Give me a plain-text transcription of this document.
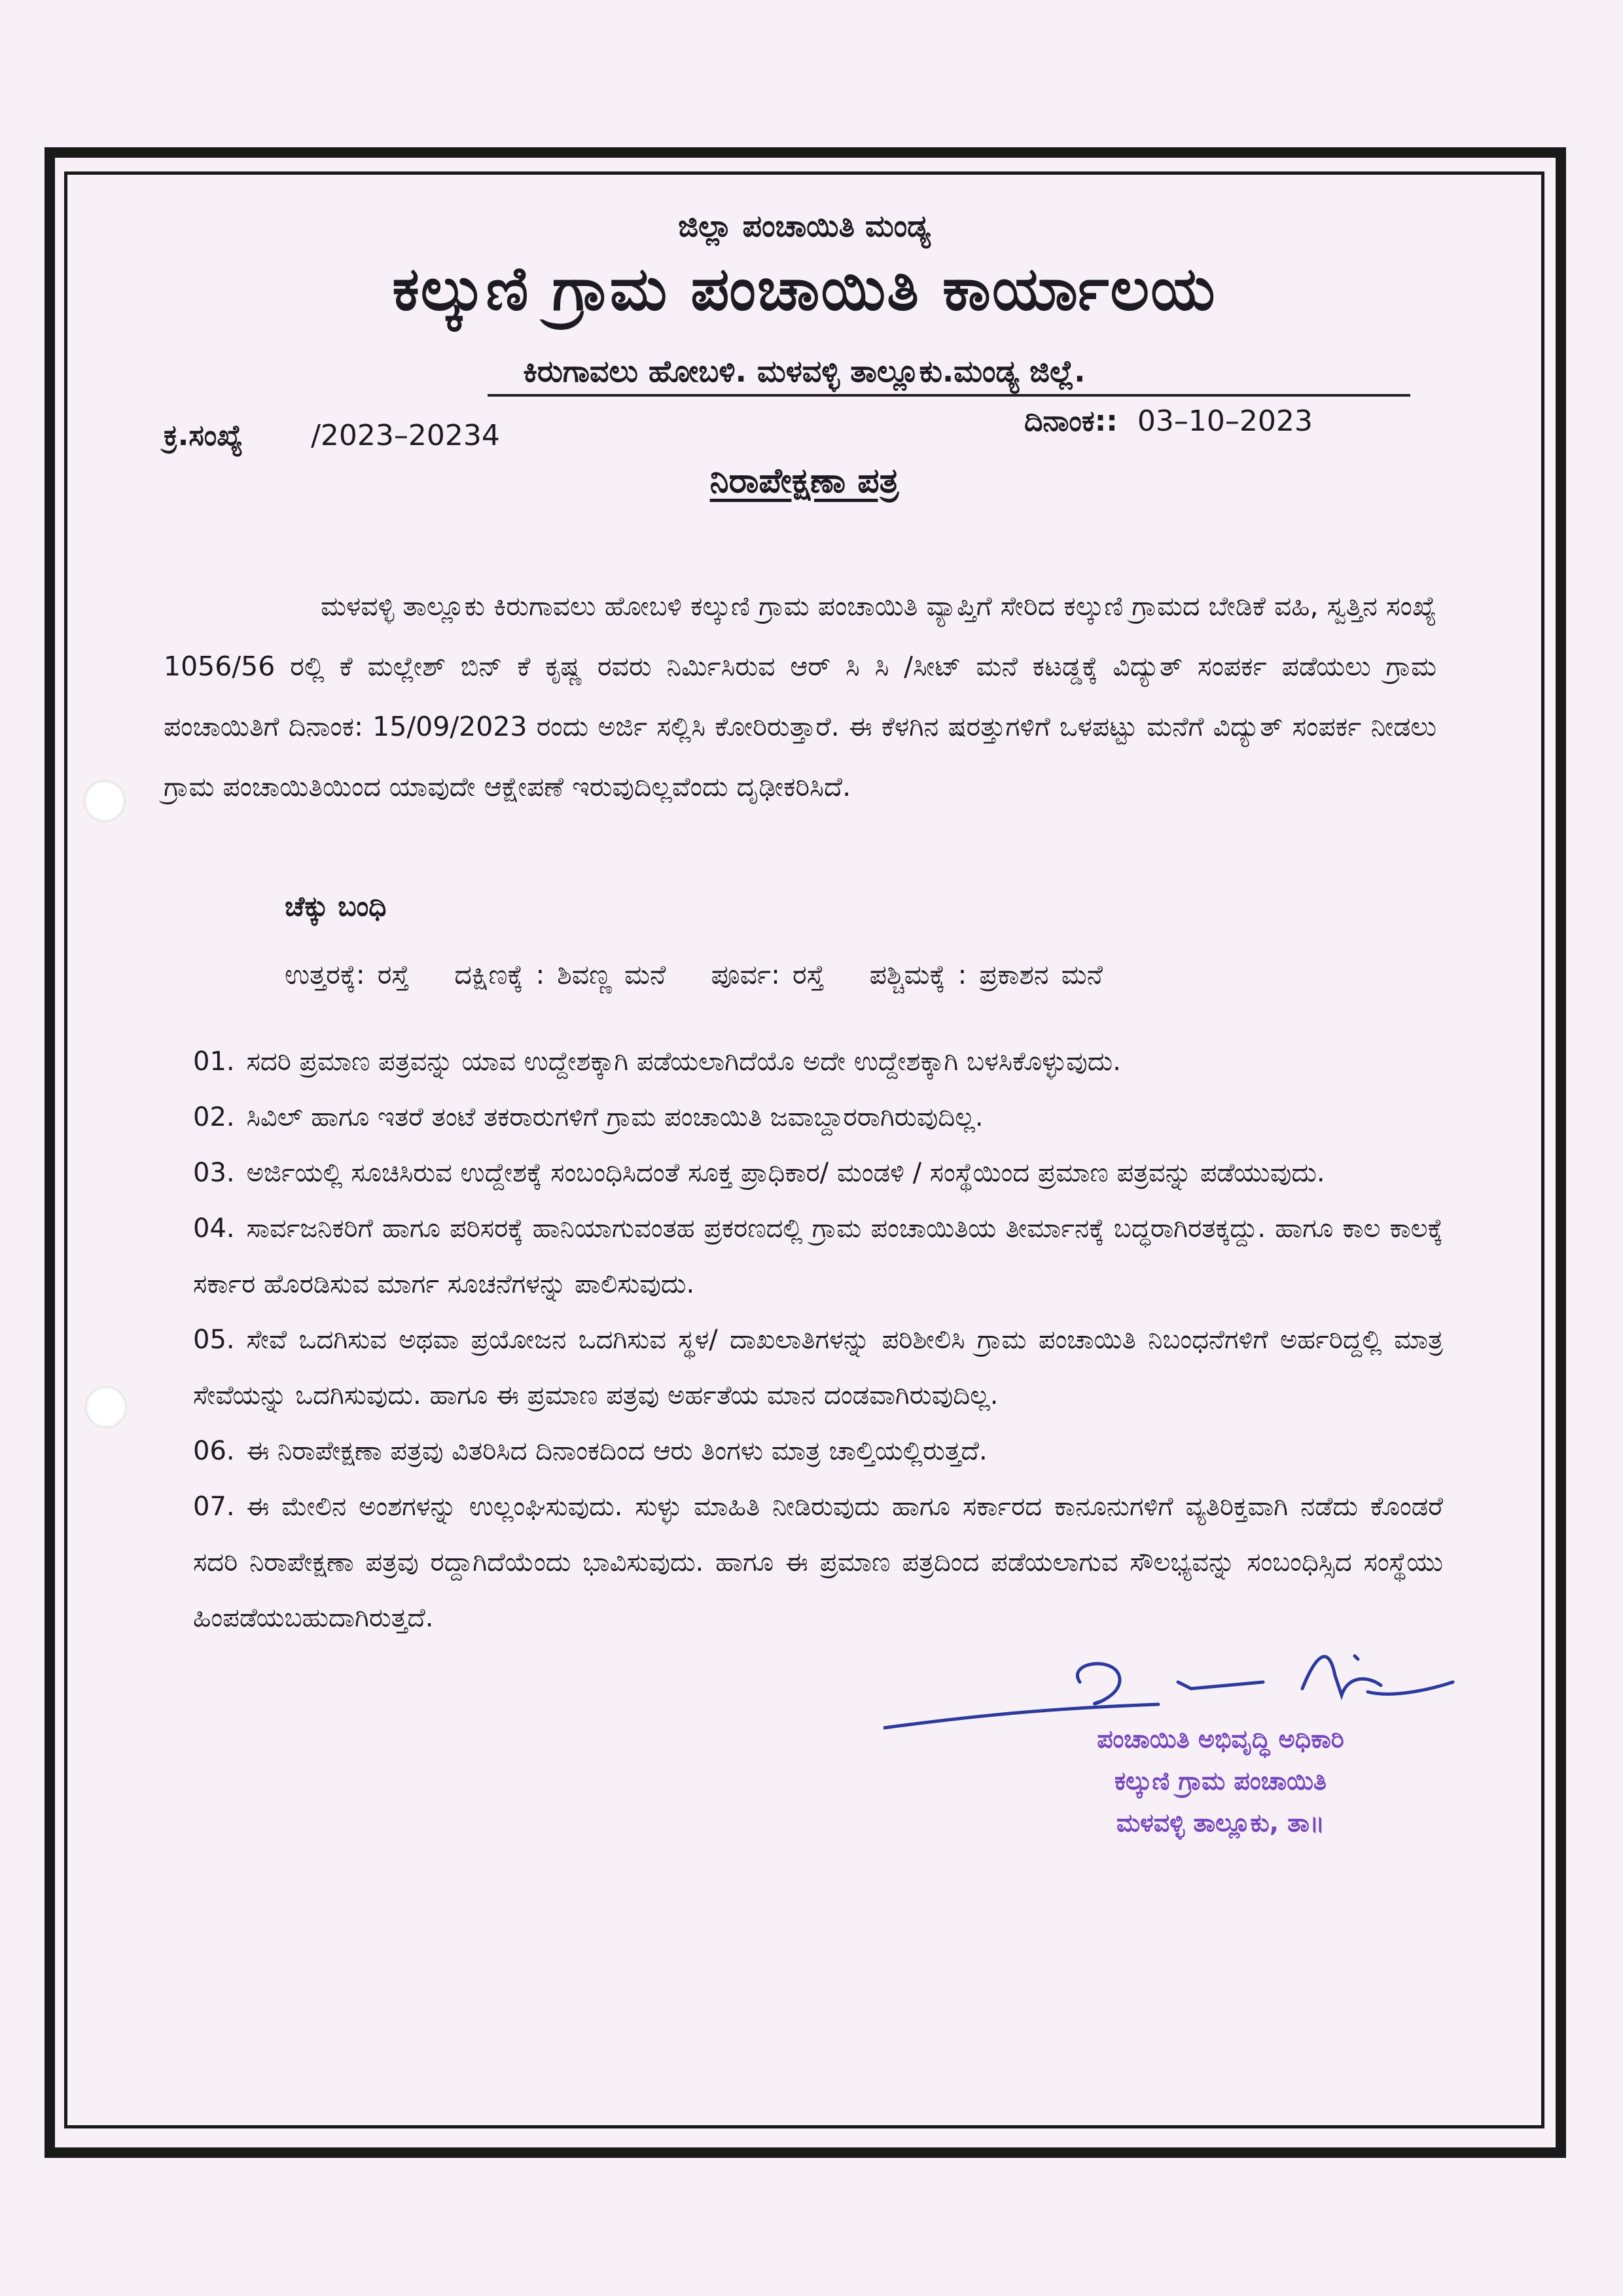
ಜಿಲ್ಲಾ ಪಂಚಾಯಿತಿ ಮಂಡ್ಯ
ಕಲ್ಕುಣಿ ಗ್ರಾಮ ಪಂಚಾಯಿತಿ ಕಾರ್ಯಾಲಯ
ಕಿರುಗಾವಲು ಹೋಬಳಿ. ಮಳವಳ್ಳಿ ತಾಲ್ಲೂಕು.ಮಂಡ್ಯ ಜಿಲ್ಲೆ.
ಕ್ರ.ಸಂಖ್ಯೆ /2023–20234	ದಿನಾಂಕ:: 03–10–2023
ನಿರಾಪೇಕ್ಷಣಾ ಪತ್ರ
ಮಳವಳ್ಳಿ ತಾಲ್ಲೂಕು ಕಿರುಗಾವಲು ಹೋಬಳಿ ಕಲ್ಕುಣಿ ಗ್ರಾಮ ಪಂಚಾಯಿತಿ ವ್ಯಾಪ್ತಿಗೆ ಸೇರಿದ ಕಲ್ಕುಣಿ ಗ್ರಾಮದ ಬೇಡಿಕೆ ವಹಿ, ಸ್ವತ್ತಿನ ಸಂಖ್ಯೆ 1056/56 ರಲ್ಲಿ ಕೆ ಮಲ್ಲೇಶ್ ಬಿನ್ ಕೆ ಕೃಷ್ಣ ರವರು ನಿರ್ಮಿಸಿರುವ ಆರ್ ಸಿ ಸಿ /ಸೀಟ್ ಮನೆ ಕಟಡ್ಡಕ್ಕೆ ವಿದ್ಯುತ್ ಸಂಪರ್ಕ ಪಡೆಯಲು ಗ್ರಾಮ ಪಂಚಾಯಿತಿಗೆ ದಿನಾಂಕ: 15/09/2023 ರಂದು ಅರ್ಜಿ ಸಲ್ಲಿಸಿ ಕೋರಿರುತ್ತಾರೆ. ಈ ಕೆಳಗಿನ ಷರತ್ತುಗಳಿಗೆ ಒಳಪಟ್ಟು ಮನೆಗೆ ವಿದ್ಯುತ್ ಸಂಪರ್ಕ ನೀಡಲು ಗ್ರಾಮ ಪಂಚಾಯಿತಿಯಿಂದ ಯಾವುದೇ ಆಕ್ಷೇಪಣೆ ಇರುವುದಿಲ್ಲವೆಂದು ದೃಢೀಕರಿಸಿದೆ.
ಚೆಕ್ಕು ಬಂಧಿ
ಉತ್ತರಕ್ಕೆ: ರಸ್ತೆ ದಕ್ಷಿಣಕ್ಕೆ : ಶಿವಣ್ಣ ಮನೆ ಪೂರ್ವ: ರಸ್ತೆ ಪಶ್ಚಿಮಕ್ಕೆ : ಪ್ರಕಾಶನ ಮನೆ

01. ಸದರಿ ಪ್ರಮಾಣ ಪತ್ರವನ್ನು ಯಾವ ಉದ್ದೇಶಕ್ಕಾಗಿ ಪಡೆಯಲಾಗಿದೆಯೊ ಅದೇ ಉದ್ದೇಶಕ್ಕಾಗಿ ಬಳಸಿಕೊಳ್ಳುವುದು.

02. ಸಿವಿಲ್ ಹಾಗೂ ಇತರೆ ತಂಟೆ ತಕರಾರುಗಳಿಗೆ ಗ್ರಾಮ ಪಂಚಾಯಿತಿ ಜವಾಬ್ದಾರರಾಗಿರುವುದಿಲ್ಲ.

03. ಅರ್ಜಿಯಲ್ಲಿ ಸೂಚಿಸಿರುವ ಉದ್ದೇಶಕ್ಕೆ ಸಂಬಂಧಿಸಿದಂತೆ ಸೂಕ್ತ ಪ್ರಾಧಿಕಾರ/ ಮಂಡಳಿ / ಸಂಸ್ಥೆಯಿಂದ ಪ್ರಮಾಣ ಪತ್ರವನ್ನು ಪಡೆಯುವುದು.

04. ಸಾರ್ವಜನಿಕರಿಗೆ ಹಾಗೂ ಪರಿಸರಕ್ಕೆ ಹಾನಿಯಾಗುವಂತಹ ಪ್ರಕರಣದಲ್ಲಿ ಗ್ರಾಮ ಪಂಚಾಯಿತಿಯ ತೀರ್ಮಾನಕ್ಕೆ ಬದ್ಧರಾಗಿರತಕ್ಕದ್ದು. ಹಾಗೂ ಕಾಲ ಕಾಲಕ್ಕೆ ಸರ್ಕಾರ ಹೊರಡಿಸುವ ಮಾರ್ಗ ಸೂಚನೆಗಳನ್ನು ಪಾಲಿಸುವುದು.

05. ಸೇವೆ ಒದಗಿಸುವ ಅಥವಾ ಪ್ರಯೋಜನ ಒದಗಿಸುವ ಸ್ಥಳ/ ದಾಖಲಾತಿಗಳನ್ನು ಪರಿಶೀಲಿಸಿ ಗ್ರಾಮ ಪಂಚಾಯಿತಿ ನಿಬಂಧನೆಗಳಿಗೆ ಅರ್ಹರಿದ್ದಲ್ಲಿ ಮಾತ್ರ ಸೇವೆಯನ್ನು ಒದಗಿಸುವುದು. ಹಾಗೂ ಈ ಪ್ರಮಾಣ ಪತ್ರವು ಅರ್ಹತೆಯ ಮಾನ ದಂಡವಾಗಿರುವುದಿಲ್ಲ.

06. ಈ ನಿರಾಪೇಕ್ಷಣಾ ಪತ್ರವು ವಿತರಿಸಿದ ದಿನಾಂಕದಿಂದ ಆರು ತಿಂಗಳು ಮಾತ್ರ ಚಾಲ್ತಿಯಲ್ಲಿರುತ್ತದೆ.

07. ಈ ಮೇಲಿನ ಅಂಶಗಳನ್ನು ಉಲ್ಲಂಘಿಸುವುದು. ಸುಳ್ಳು ಮಾಹಿತಿ ನೀಡಿರುವುದು ಹಾಗೂ ಸರ್ಕಾರದ ಕಾನೂನುಗಳಿಗೆ ವ್ಯತಿರಿಕ್ತವಾಗಿ ನಡೆದು ಕೊಂಡರೆ ಸದರಿ ನಿರಾಪೇಕ್ಷಣಾ ಪತ್ರವು ರದ್ದಾಗಿದೆಯೆಂದು ಭಾವಿಸುವುದು. ಹಾಗೂ ಈ ಪ್ರಮಾಣ ಪತ್ರದಿಂದ ಪಡೆಯಲಾಗುವ ಸೌಲಭ್ಯವನ್ನು ಸಂಬಂಧಿಸ್ಸಿದ ಸಂಸ್ಥೆಯು ಹಿಂಪಡೆಯಬಹುದಾಗಿರುತ್ತದೆ.

ಪಂಚಾಯಿತಿ ಅಭಿವೃದ್ಧಿ ಅಧಿಕಾರಿ
ಕಲ್ಕುಣಿ ಗ್ರಾಮ ಪಂಚಾಯಿತಿ
ಮಳವಳ್ಳಿ ತಾಲ್ಲೂಕು, ತಾ॥
